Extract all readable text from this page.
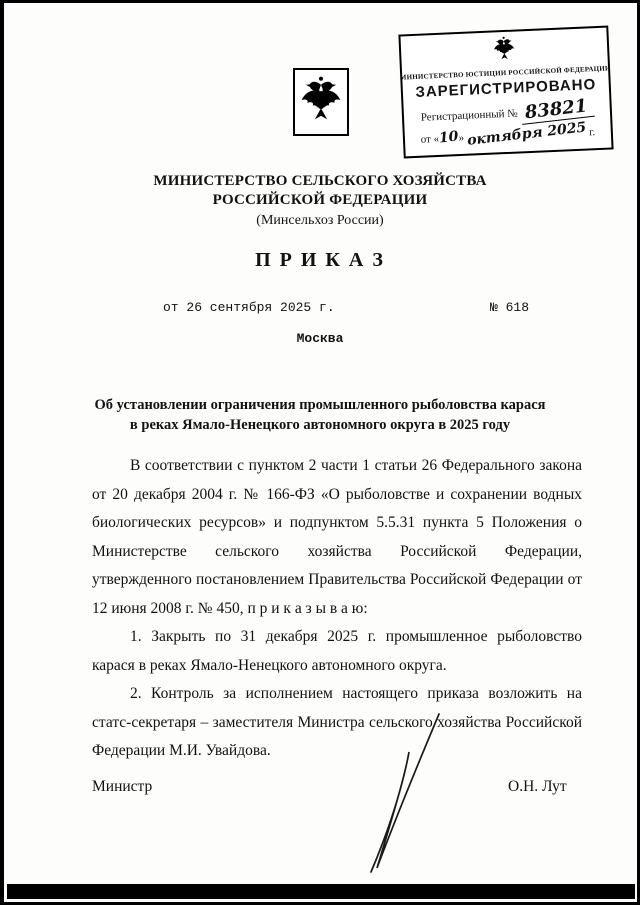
МИНИСТЕРСТВО ЮСТИЦИИ РОССИЙСКОЙ ФЕДЕРАЦИИ
ЗАРЕГИСТРИРОВАНО
Регистрационный № 83821
от «10» октября 2025 г.
МИНИСТЕРСТВО СЕЛЬСКОГО ХОЗЯЙСТВА
РОССИЙСКОЙ ФЕДЕРАЦИИ
(Минсельхоз России)
П Р И К А З
от 26 сентября 2025 г.	№ 618
Москва
Об установлении ограничения промышленного рыболовства карася
в реках Ямало-Ненецкого автономного округа в 2025 году

В соответствии с пунктом 2 части 1 статьи 26 Федерального закона от 20 декабря 2004 г. № 166-ФЗ «О рыболовстве и сохранении водных биологических ресурсов» и подпунктом 5.5.31 пункта 5 Положения о Министерстве сельского хозяйства Российской Федерации, утвержденного постановлением Правительства Российской Федерации от 12 июня 2008 г. № 450, п р и к а з ы в а ю:

1. Закрыть по 31 декабря 2025 г. промышленное рыболовство карася в реках Ямало-Ненецкого автономного округа.

2. Контроль за исполнением настоящего приказа возложить на статс-секретаря – заместителя Министра сельского хозяйства Российской Федерации М.И. Увайдова.

Министр	О.Н. Лут
